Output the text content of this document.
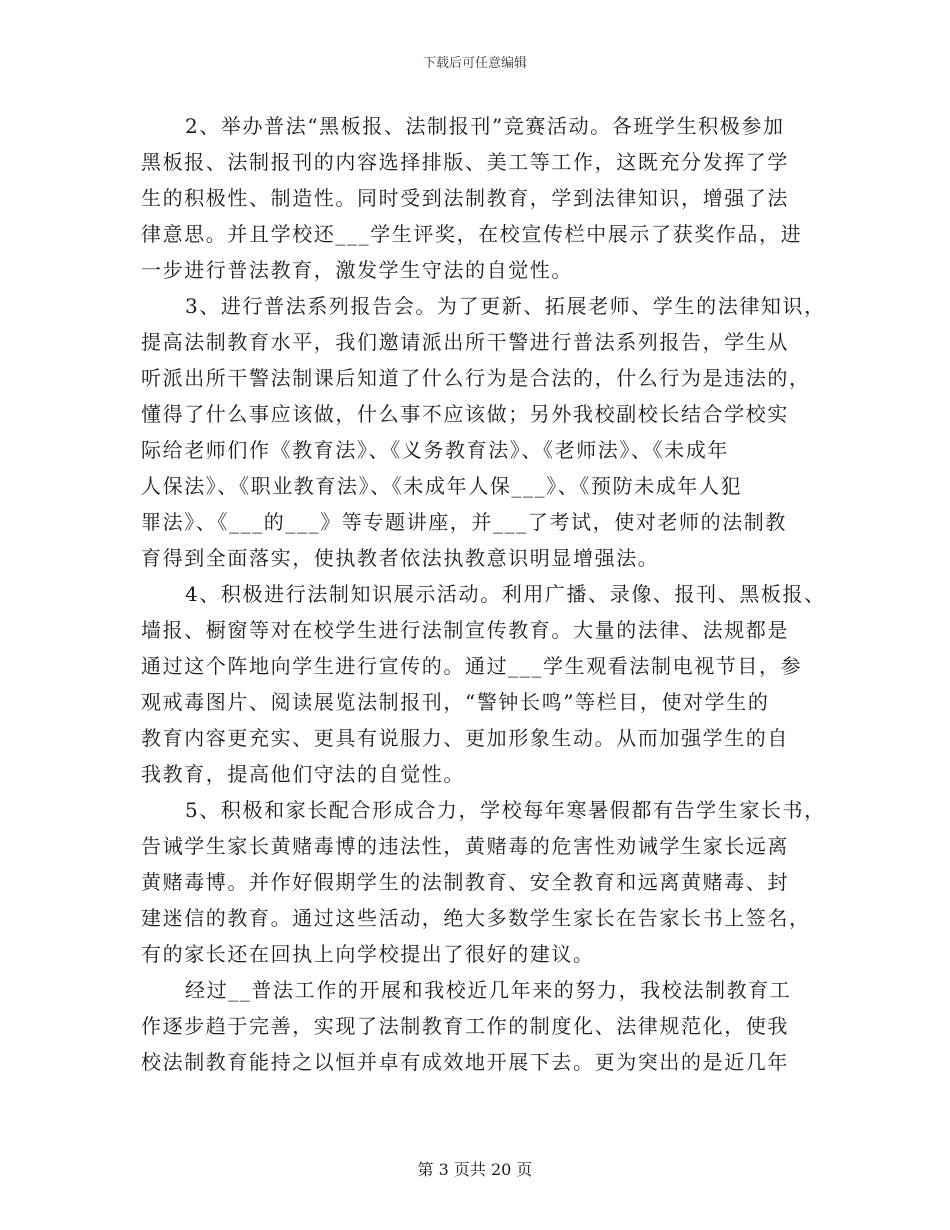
下载后可任意编辑
2、举办普法“黑板报、法制报刊”竞赛活动。各班学生积极参加
黑板报、法制报刊的内容选择排版、美工等工作，这既充分发挥了学
生的积极性、制造性。同时受到法制教育，学到法律知识，增强了法
律意思。并且学校还___学生评奖，在校宣传栏中展示了获奖作品，进
一步进行普法教育，激发学生守法的自觉性。
3、进行普法系列报告会。为了更新、拓展老师、学生的法律知识，
提高法制教育水平，我们邀请派出所干警进行普法系列报告，学生从
听派出所干警法制课后知道了什么行为是合法的，什么行为是违法的，
懂得了什么事应该做，什么事不应该做；另外我校副校长结合学校实
际给老师们作《教育法》、《义务教育法》、《老师法》、《未成年
人保法》、《职业教育法》、《未成年人保___》、《预防未成年人犯
罪法》、《___的___》等专题讲座，并___了考试，使对老师的法制教
育得到全面落实，使执教者依法执教意识明显增强法。
4、积极进行法制知识展示活动。利用广播、录像、报刊、黑板报、
墙报、橱窗等对在校学生进行法制宣传教育。大量的法律、法规都是
通过这个阵地向学生进行宣传的。通过___学生观看法制电视节目，参
观戒毒图片、阅读展览法制报刊，“警钟长鸣”等栏目，使对学生的
教育内容更充实、更具有说服力、更加形象生动。从而加强学生的自
我教育，提高他们守法的自觉性。
5、积极和家长配合形成合力，学校每年寒暑假都有告学生家长书，
告诫学生家长黄赌毒博的违法性，黄赌毒的危害性劝诫学生家长远离
黄赌毒博。并作好假期学生的法制教育、安全教育和远离黄赌毒、封
建迷信的教育。通过这些活动，绝大多数学生家长在告家长书上签名，
有的家长还在回执上向学校提出了很好的建议。
经过__普法工作的开展和我校近几年来的努力，我校法制教育工
作逐步趋于完善，实现了法制教育工作的制度化、法律规范化，使我
校法制教育能持之以恒并卓有成效地开展下去。更为突出的是近几年
第 3 页共 20 页
